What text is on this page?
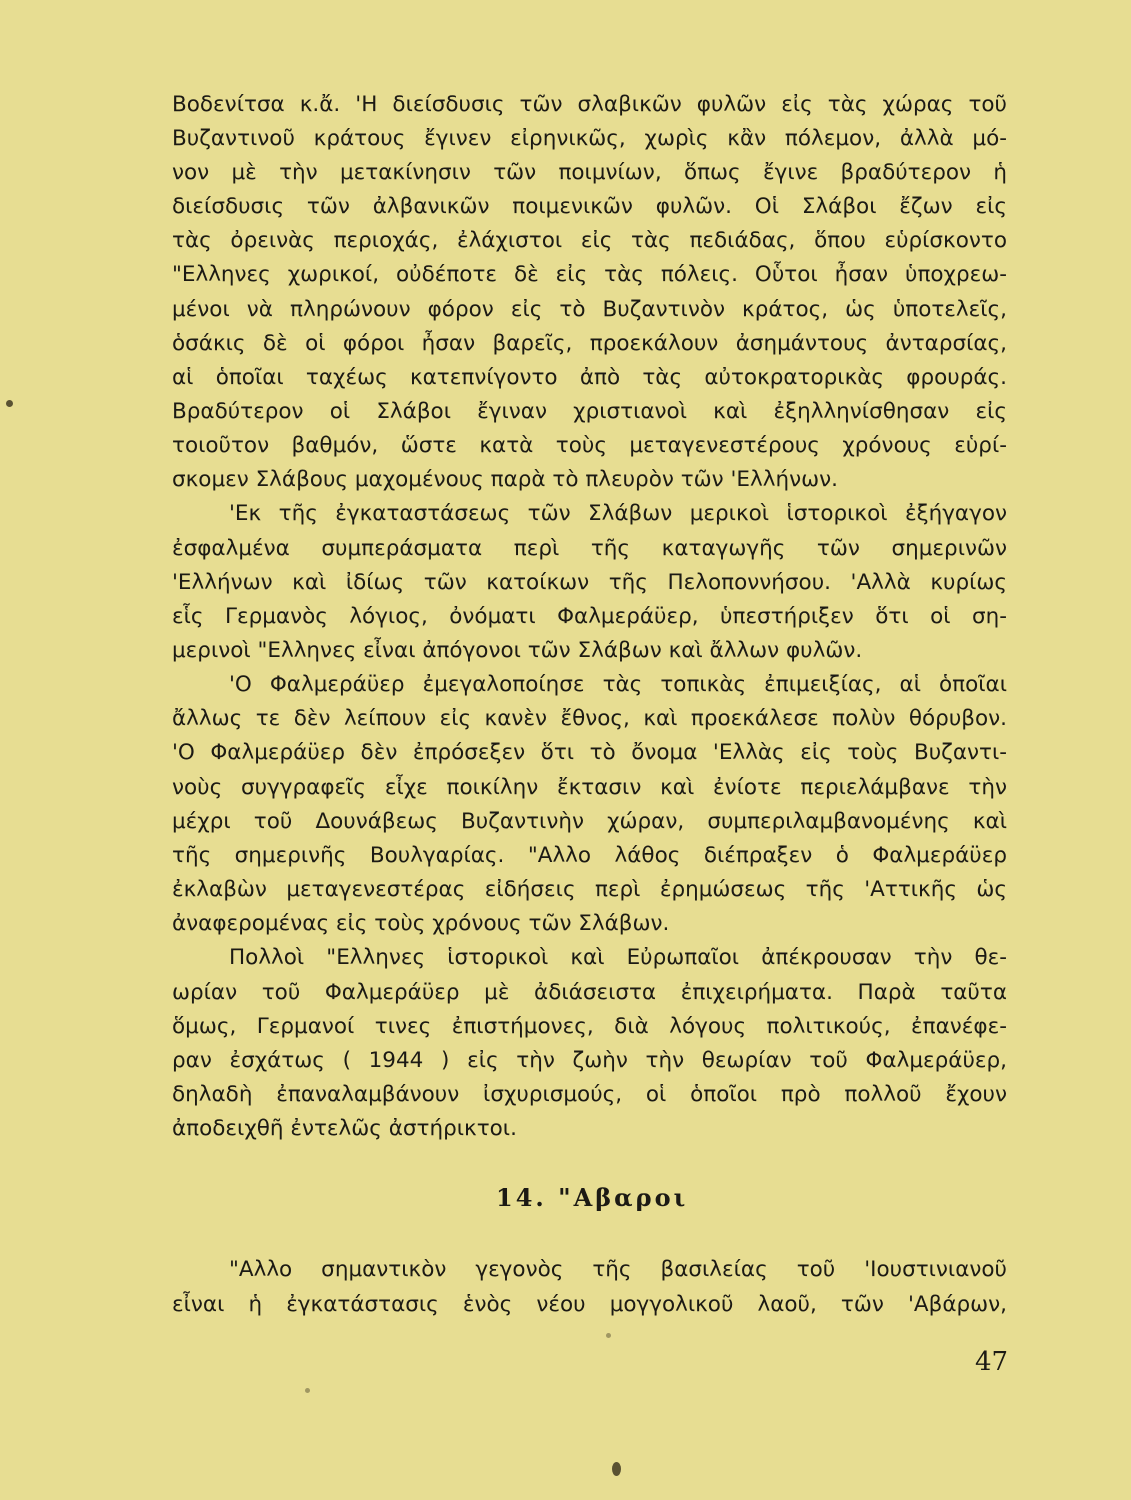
Βοδενίτσα κ.ἄ. 'Η διείσδυσις τῶν σλαβικῶν φυλῶν εἰς τὰς χώρας τοῦ
Βυζαντινοῦ κράτους ἔγινεν εἰρηνικῶς, χωρὶς κἂν πόλεμον, ἀλλὰ μό-
νον μὲ τὴν μετακίνησιν τῶν ποιμνίων, ὅπως ἔγινε βραδύτερον ἡ
διείσδυσις τῶν ἀλβανικῶν ποιμενικῶν φυλῶν. Οἱ Σλάβοι ἔζων εἰς
τὰς ὀρεινὰς περιοχάς, ἐλάχιστοι εἰς τὰς πεδιάδας, ὅπου εὑρίσκοντο
"Ελληνες χωρικοί, οὐδέποτε δὲ εἰς τὰς πόλεις. Οὗτοι ἦσαν ὑποχρεω-
μένοι νὰ πληρώνουν φόρον εἰς τὸ Βυζαντινὸν κράτος, ὡς ὑποτελεῖς,
ὁσάκις δὲ οἱ φόροι ἦσαν βαρεῖς, προεκάλουν ἀσημάντους ἀνταρσίας,
αἱ ὁποῖαι ταχέως κατεπνίγοντο ἀπὸ τὰς αὐτοκρατορικὰς φρουράς.
Βραδύτερον οἱ Σλάβοι ἔγιναν χριστιανοὶ καὶ ἐξηλληνίσθησαν εἰς
τοιοῦτον βαθμόν, ὥστε κατὰ τοὺς μεταγενεστέρους χρόνους εὑρί-
σκομεν Σλάβους μαχομένους παρὰ τὸ πλευρὸν τῶν 'Ελλήνων.
'Εκ τῆς ἐγκαταστάσεως τῶν Σλάβων μερικοὶ ἱστορικοὶ ἐξήγαγον
ἐσφαλμένα συμπεράσματα περὶ τῆς καταγωγῆς τῶν σημερινῶν
'Ελλήνων καὶ ἰδίως τῶν κατοίκων τῆς Πελοποννήσου. 'Αλλὰ κυρίως
εἷς Γερμανὸς λόγιος, ὀνόματι Φαλμεράϋερ, ὑπεστήριξεν ὅτι οἱ ση-
μερινοὶ "Ελληνες εἶναι ἀπόγονοι τῶν Σλάβων καὶ ἄλλων φυλῶν.
'Ο Φαλμεράϋερ ἐμεγαλοποίησε τὰς τοπικὰς ἐπιμειξίας, αἱ ὁποῖαι
ἄλλως τε δὲν λείπουν εἰς κανὲν ἔθνος, καὶ προεκάλεσε πολὺν θόρυβον.
'Ο Φαλμεράϋερ δὲν ἐπρόσεξεν ὅτι τὸ ὄνομα 'Ελλὰς εἰς τοὺς Βυζαντι-
νοὺς συγγραφεῖς εἶχε ποικίλην ἔκτασιν καὶ ἐνίοτε περιελάμβανε τὴν
μέχρι τοῦ Δουνάβεως Βυζαντινὴν χώραν, συμπεριλαμβανομένης καὶ
τῆς σημερινῆς Βουλγαρίας. "Αλλο λάθος διέπραξεν ὁ Φαλμεράϋερ
ἐκλαβὼν μεταγενεστέρας εἰδήσεις περὶ ἐρημώσεως τῆς 'Αττικῆς ὡς
ἀναφερομένας εἰς τοὺς χρόνους τῶν Σλάβων.
Πολλοὶ "Ελληνες ἱστορικοὶ καὶ Εὐρωπαῖοι ἀπέκρουσαν τὴν θε-
ωρίαν τοῦ Φαλμεράϋερ μὲ ἀδιάσειστα ἐπιχειρήματα. Παρὰ ταῦτα
ὅμως, Γερμανοί τινες ἐπιστήμονες, διὰ λόγους πολιτικούς, ἐπανέφε-
ραν ἐσχάτως ( 1944 ) εἰς τὴν ζωὴν τὴν θεωρίαν τοῦ Φαλμεράϋερ,
δηλαδὴ ἐπαναλαμβάνουν ἰσχυρισμούς, οἱ ὁποῖοι πρὸ πολλοῦ ἔχουν
ἀποδειχθῆ ἐντελῶς ἀστήρικτοι.
"Αλλο σημαντικὸν γεγονὸς τῆς βασιλείας τοῦ 'Ιουστινιανοῦ
εἶναι ἡ ἐγκατάστασις ἑνὸς νέου μογγολικοῦ λαοῦ, τῶν 'Αβάρων,
14. "Αβαροι
47
